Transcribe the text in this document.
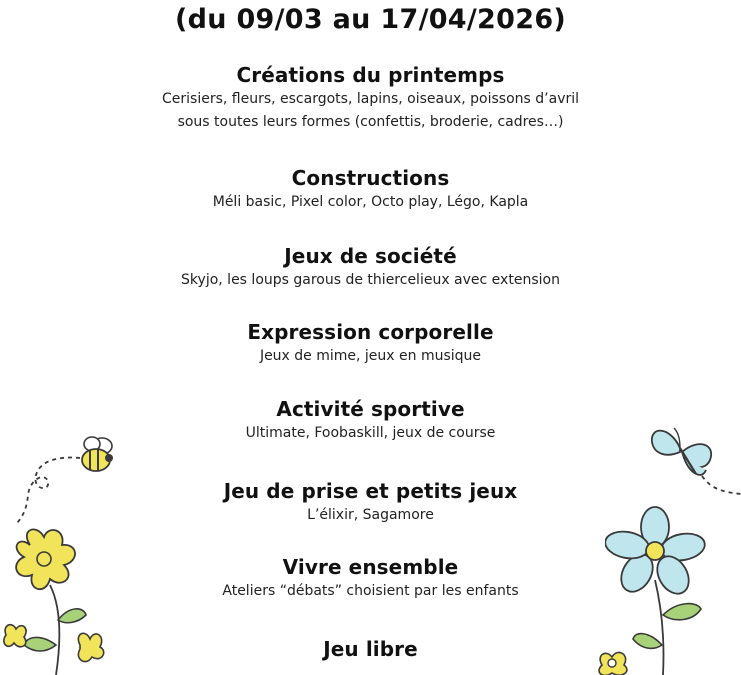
(du 09/03 au 17/04/2026)
Créations du printemps

Cerisiers, fleurs, escargots, lapins, oiseaux, poissons d’avril

sous toutes leurs formes (confettis, broderie, cadres…)

Constructions

Méli basic, Pixel color, Octo play, Légo, Kapla

Jeux de société

Skyjo, les loups garous de thiercelieux avec extension

Expression corporelle

Jeux de mime, jeux en musique

Activité sportive

Ultimate, Foobaskill, jeux de course

Jeu de prise et petits jeux

L’élixir, Sagamore

Vivre ensemble

Ateliers “débats” choisient par les enfants

Jeu libre
